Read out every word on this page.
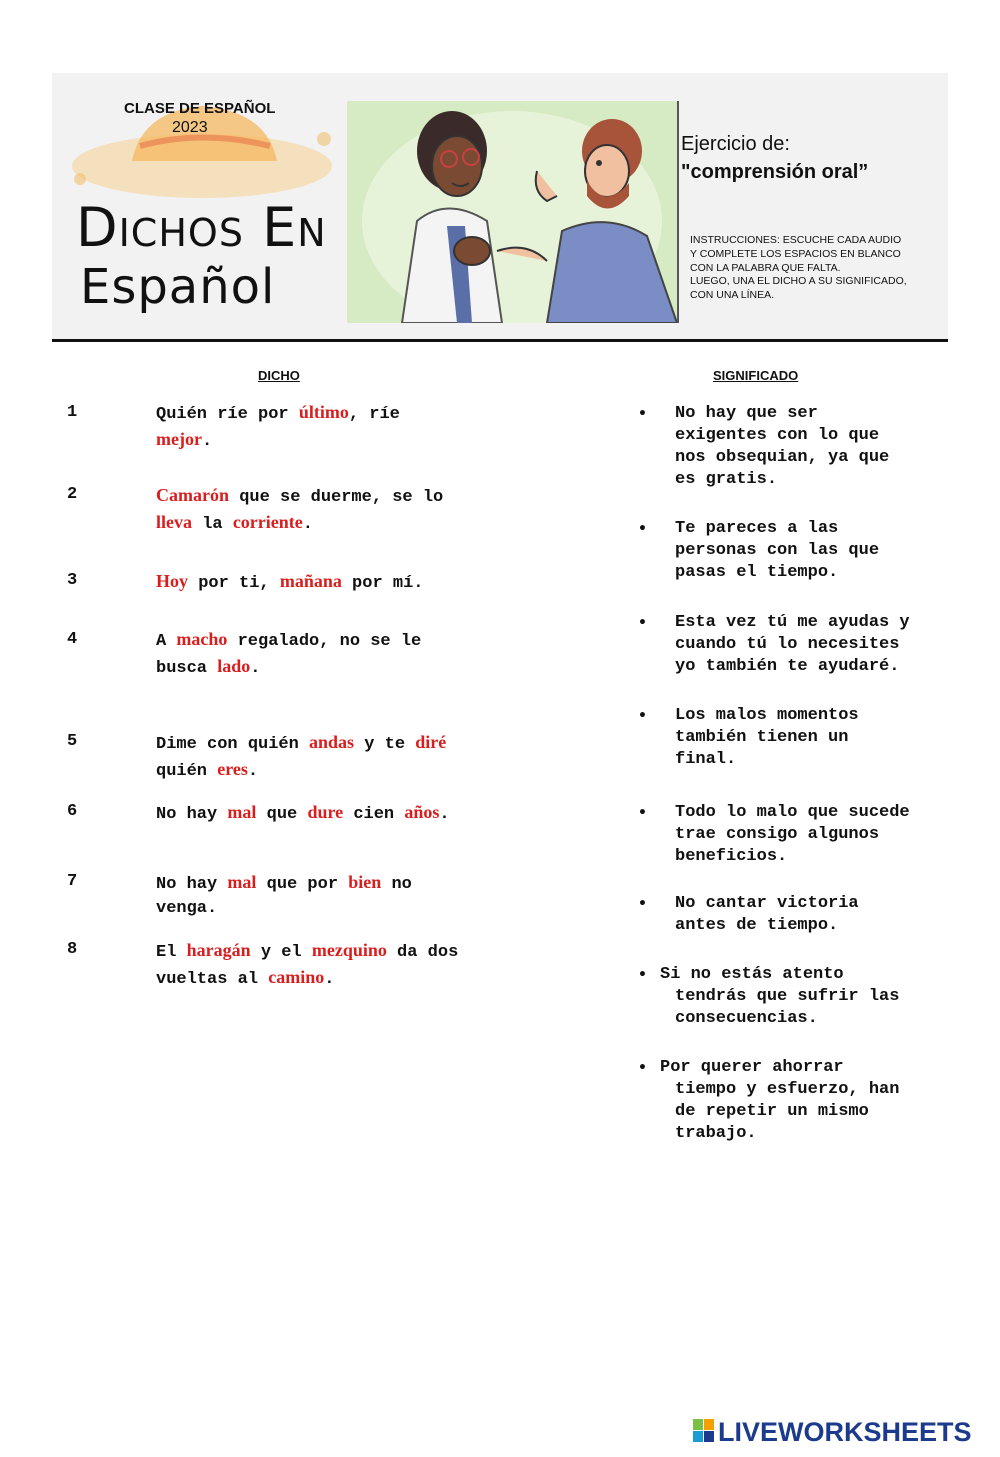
CLASE DE ESPAÑOL
2023
DICHOS EN
Español
Ejercicio de:
"comprensión oral”
INSTRUCCIONES: ESCUCHE CADA AUDIO
Y COMPLETE LOS ESPACIOS EN BLANCO
CON LA PALABRA QUE FALTA.
LUEGO, UNA EL DICHO A SU SIGNIFICADO,
CON UNA LÍNEA.
DICHO	SIGNIFICADO
1	Quién ríe por último, ríe mejor.
2	Camarón que se duerme, se lo lleva la corriente.
3	Hoy por ti, mañana por mí.
4	A macho regalado, no se le busca lado.
5	Dime con quién andas y te diré quién eres.
6	No hay mal que dure cien años.
7	No hay mal que por bien no venga.
8	El haragán y el mezquino da dos vueltas al camino.
•	No hay que ser
exigentes con lo que
nos obsequian, ya que
es gratis.
•	Te pareces a las
personas con las que
pasas el tiempo.
•	Esta vez tú me ayudas y
cuando tú lo necesites
yo también te ayudaré.
•	Los malos momentos
también tienen un
final.
•	Todo lo malo que sucede
trae consigo algunos
beneficios.
•	No cantar victoria
antes de tiempo.
• Si no estás atento
tendrás que sufrir las
consecuencias.
• Por querer ahorrar
tiempo y esfuerzo, han
de repetir un mismo
trabajo.
LIVEWORKSHEETS
